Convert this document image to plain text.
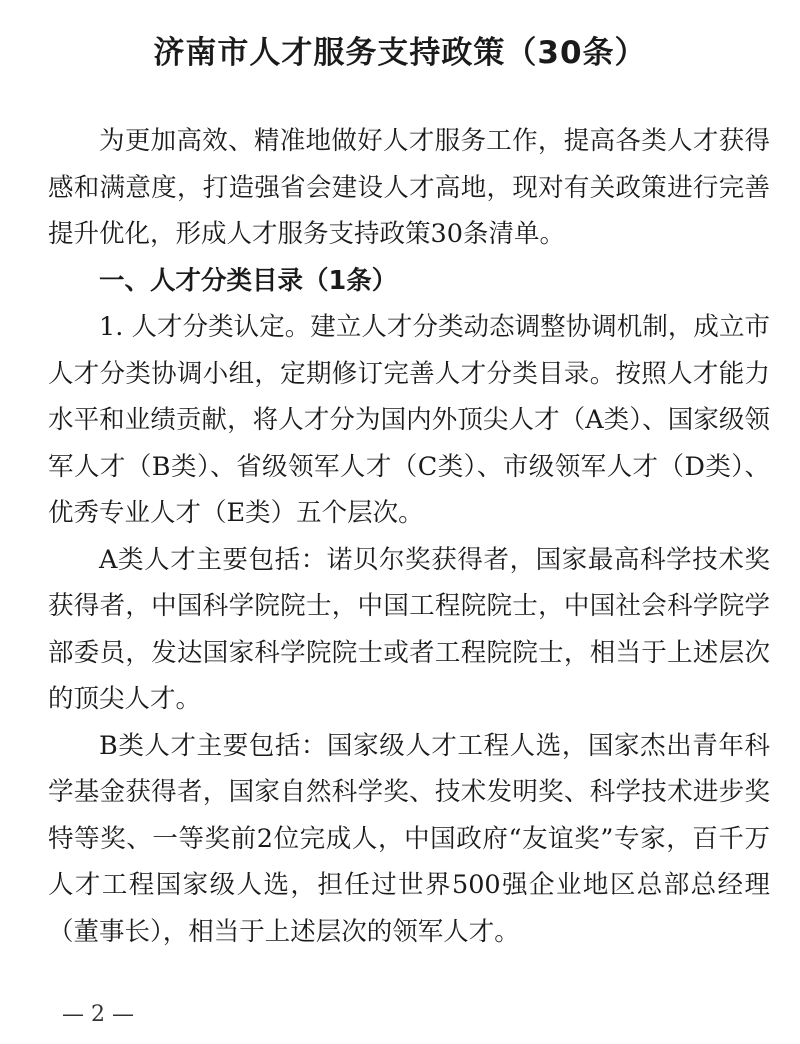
济南市人才服务支持政策（30条）

为更加高效、精准地做好人才服务工作，提高各类人才获得感和满意度，打造强省会建设人才高地，现对有关政策进行完善提升优化，形成人才服务支持政策30条清单。

一、人才分类目录（1条）

1. 人才分类认定。建立人才分类动态调整协调机制，成立市人才分类协调小组，定期修订完善人才分类目录。按照人才能力水平和业绩贡献，将人才分为国内外顶尖人才（A类）、国家级领军人才（B类）、省级领军人才（C类）、市级领军人才（D类）、优秀专业人才（E类）五个层次。

A类人才主要包括：诺贝尔奖获得者，国家最高科学技术奖获得者，中国科学院院士，中国工程院院士，中国社会科学院学部委员，发达国家科学院院士或者工程院院士，相当于上述层次的顶尖人才。

B类人才主要包括：国家级人才工程人选，国家杰出青年科学基金获得者，国家自然科学奖、技术发明奖、科学技术进步奖特等奖、一等奖前2位完成人，中国政府“友谊奖”专家，百千万人才工程国家级人选，担任过世界500强企业地区总部总经理（董事长），相当于上述层次的领军人才。

— 2 —
